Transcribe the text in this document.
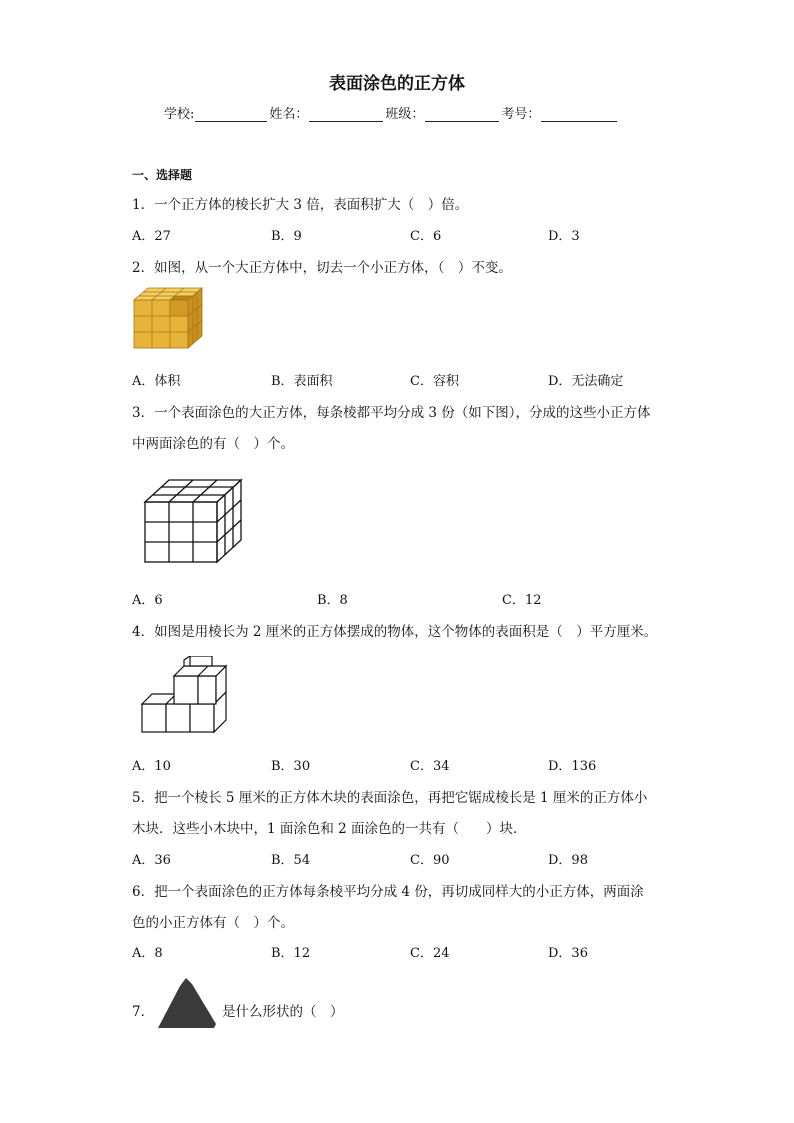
表面涂色的正方体
学校:	姓名：	班级：	考号：
一、选择题
1．一个正方体的棱长扩大 3 倍，表面积扩大（　）倍。
A．27	B．9	C．6	D．3
2．如图，从一个大正方体中，切去一个小正方体，（　）不变。
A．体积	B．表面积	C．容积	D．无法确定
3．一个表面涂色的大正方体，每条棱都平均分成 3 份（如下图），分成的这些小正方体
中两面涂色的有（　）个。
A．6	B．8	C．12
4．如图是用棱长为 2 厘米的正方体摆成的物体，这个物体的表面积是（　）平方厘米。
A．10	B．30	C．34	D．136
5．把一个棱长 5 厘米的正方体木块的表面涂色，再把它锯成棱长是 1 厘米的正方体小
木块．这些小木块中，1 面涂色和 2 面涂色的一共有（　　）块．
A．36	B．54	C．90	D．98
6．把一个表面涂色的正方体每条棱平均分成 4 份，再切成同样大的小正方体，两面涂
色的小正方体有（　）个。
A．8	B．12	C．24	D．36
7．	是什么形状的（　）
